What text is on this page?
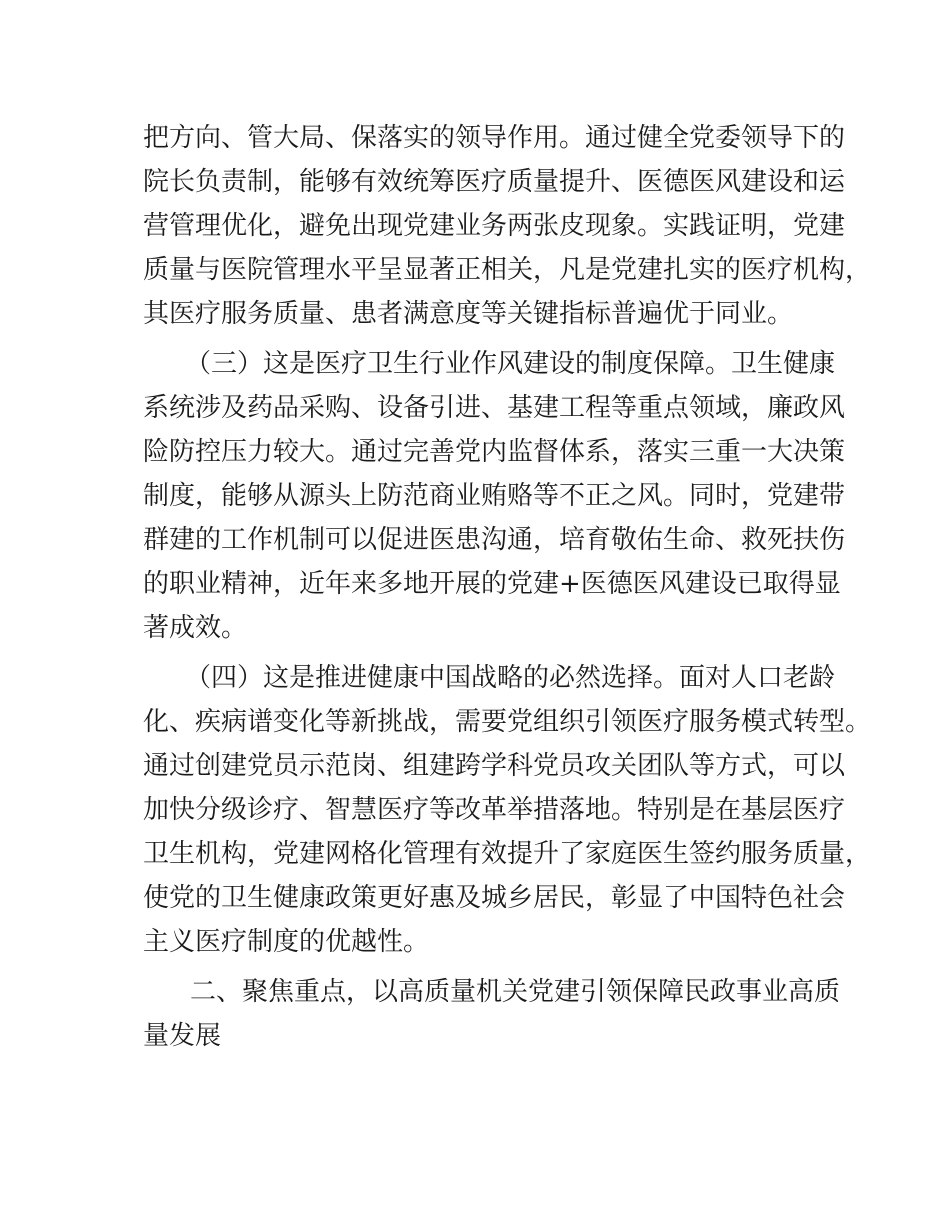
把方向、管大局、保落实的领导作用。通过健全党委领导下的

院长负责制，能够有效统筹医疗质量提升、医德医风建设和运

营管理优化，避免出现党建业务两张皮现象。实践证明，党建

质量与医院管理水平呈显著正相关，凡是党建扎实的医疗机构，

其医疗服务质量、患者满意度等关键指标普遍优于同业。

（三）这是医疗卫生行业作风建设的制度保障。卫生健康

系统涉及药品采购、设备引进、基建工程等重点领域，廉政风

险防控压力较大。通过完善党内监督体系，落实三重一大决策

制度，能够从源头上防范商业贿赂等不正之风。同时，党建带

群建的工作机制可以促进医患沟通，培育敬佑生命、救死扶伤

的职业精神，近年来多地开展的党建+医德医风建设已取得显

著成效。

（四）这是推进健康中国战略的必然选择。面对人口老龄

化、疾病谱变化等新挑战，需要党组织引领医疗服务模式转型。

通过创建党员示范岗、组建跨学科党员攻关团队等方式，可以

加快分级诊疗、智慧医疗等改革举措落地。特别是在基层医疗

卫生机构，党建网格化管理有效提升了家庭医生签约服务质量，

使党的卫生健康政策更好惠及城乡居民，彰显了中国特色社会

主义医疗制度的优越性。

二、聚焦重点，以高质量机关党建引领保障民政事业高质

量发展
